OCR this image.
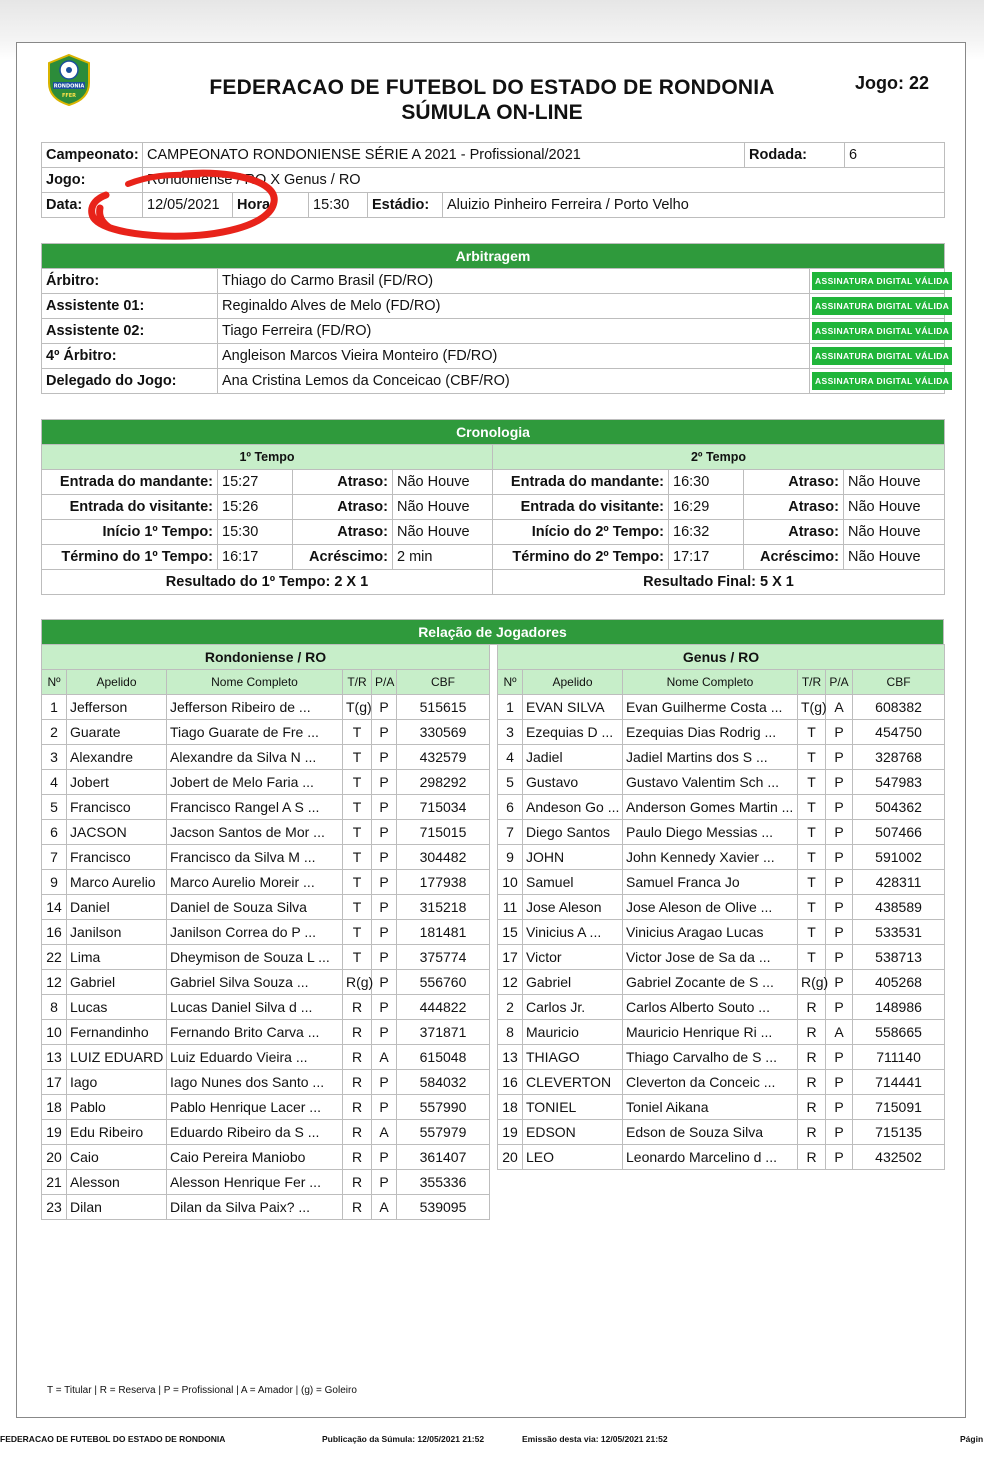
RONDONIA
FFER	FEDERACAO DE FUTEBOL DO ESTADO DE RONDONIA
SÚMULA ON-LINE
Jogo: 22
Campeonato:	CAMPEONATO RONDONIENSE SÉRIE A 2021 - Profissional/2021					Rodada:	6
Jogo:	Rondoniense / RO X Genus / RO						
Data:	12/05/2021	Hora:	15:30	Estádio:	Aluizio Pinheiro Ferreira / Porto Velho		
Arbitragem		
Árbitro:	Thiago do Carmo Brasil (FD/RO)	ASSINATURA DIGITAL VÁLIDA
Assistente 01:	Reginaldo Alves de Melo (FD/RO)	ASSINATURA DIGITAL VÁLIDA
Assistente 02:	Tiago Ferreira (FD/RO)	ASSINATURA DIGITAL VÁLIDA
4º Árbitro:	Angleison Marcos Vieira Monteiro (FD/RO)	ASSINATURA DIGITAL VÁLIDA
Delegado do Jogo:	Ana Cristina Lemos da Conceicao (CBF/RO)	ASSINATURA DIGITAL VÁLIDA
Cronologia							
1º Tempo				2º Tempo			
Entrada do mandante:	15:27	Atraso:	Não Houve	Entrada do mandante:	16:30	Atraso:	Não Houve
Entrada do visitante:	15:26	Atraso:	Não Houve	Entrada do visitante:	16:29	Atraso:	Não Houve
Início 1º Tempo:	15:30	Atraso:	Não Houve	Início do 2º Tempo:	16:32	Atraso:	Não Houve
Término do 1º Tempo:	16:17	Acréscimo:	2 min	Término do 2º Tempo:	17:17	Acréscimo:	Não Houve
Resultado do 1º Tempo: 2 X 1				Resultado Final: 5 X 1			
Relação de Jogadores
Rondoniense / RO					
Nº	Apelido	Nome Completo	T/R	P/A	CBF
1	Jefferson	Jefferson Ribeiro de ...	T(g)	P	515615
2	Guarate	Tiago Guarate de Fre ...	T	P	330569
3	Alexandre	Alexandre da Silva N ...	T	P	432579
4	Jobert	Jobert de Melo Faria ...	T	P	298292
5	Francisco	Francisco Rangel A S ...	T	P	715034
6	JACSON	Jacson Santos de Mor ...	T	P	715015
7	Francisco	Francisco da Silva M ...	T	P	304482
9	Marco Aurelio	Marco Aurelio Moreir ...	T	P	177938
14	Daniel	Daniel de Souza Silva	T	P	315218
16	Janilson	Janilson Correa do P ...	T	P	181481
22	Lima	Dheymison de Souza L ...	T	P	375774
12	Gabriel	Gabriel Silva Souza ...	R(g)	P	556760
8	Lucas	Lucas Daniel Silva d ...	R	P	444822
10	Fernandinho	Fernando Brito Carva ...	R	P	371871
13	LUIZ EDUARD	Luiz Eduardo Vieira ...	R	A	615048
17	Iago	Iago Nunes dos Santo ...	R	P	584032
18	Pablo	Pablo Henrique Lacer ...	R	P	557990
19	Edu Ribeiro	Eduardo Ribeiro da S ...	R	A	557979
20	Caio	Caio Pereira Maniobo	R	P	361407
21	Alesson	Alesson Henrique Fer ...	R	P	355336
23	Dilan	Dilan da Silva Paix? ...	R	A	539095
Genus / RO					
Nº	Apelido	Nome Completo	T/R	P/A	CBF
1	EVAN SILVA	Evan Guilherme Costa ...	T(g)	A	608382
3	Ezequias D ...	Ezequias Dias Rodrig ...	T	P	454750
4	Jadiel	Jadiel Martins dos S ...	T	P	328768
5	Gustavo	Gustavo Valentim Sch ...	T	P	547983
6	Andeson Go ...	Anderson Gomes Martin ...	T	P	504362
7	Diego Santos	Paulo Diego Messias ...	T	P	507466
9	JOHN	John Kennedy Xavier ...	T	P	591002
10	Samuel	Samuel Franca Jo	T	P	428311
11	Jose Aleson	Jose Aleson de Olive ...	T	P	438589
15	Vinicius A ...	Vinicius Aragao Lucas	T	P	533531
17	Victor	Victor Jose de Sa da ...	T	P	538713
12	Gabriel	Gabriel Zocante de S ...	R(g)	P	405268
2	Carlos Jr.	Carlos Alberto Souto ...	R	P	148986
8	Mauricio	Mauricio Henrique Ri ...	R	A	558665
13	THIAGO	Thiago Carvalho de S ...	R	P	711140
16	CLEVERTON	Cleverton da Conceic ...	R	P	714441
18	TONIEL	Toniel Aikana	R	P	715091
19	EDSON	Edson de Souza Silva	R	P	715135
20	LEO	Leonardo Marcelino d ...	R	P	432502
T = Titular | R = Reserva | P = Profissional | A = Amador | (g) = Goleiro
FEDERACAO DE FUTEBOL DO ESTADO DE RONDONIA	Publicação da Súmula: 12/05/2021 21:52	Emissão desta via: 12/05/2021 21:52	Págin
